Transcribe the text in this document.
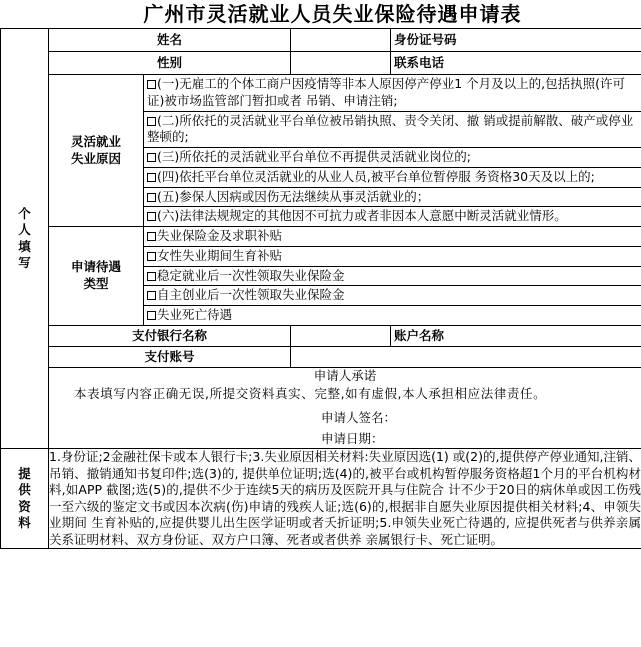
广州市灵活就业人员失业保险待遇申请表
个
人
填
写
	姓名		身份证号码
性别		联系电话

灵活就业
失业原因

(一)无雇工的个体工商户因疫情等非本人原因停产停业1 个月及以上的,包括执照(许可证)被市场监管部门暂扣或者 吊销、申请注销;
(二)所依托的灵活就业平台单位被吊销执照、责令关闭、撤 销或提前解散、破产或停业整顿的;
(三)所依托的灵活就业平台单位不再提供灵活就业岗位的;
(四)依托平台单位灵活就业的从业人员,被平台单位暂停服 务资格30天及以上的;
(五)参保人因病或因伤无法继续从事灵活就业的；
(六)法律法规规定的其他因不可抗力或者非因本人意愿中断灵活就业情形。

申请待遇
类型

失业保险金及求职补贴
女性失业期间生育补贴
稳定就业后一次性领取失业保险金
自主创业后一次性领取失业保险金
失业死亡待遇

支付银行名称		账户名称
支付账号	

申请人承诺
本表填写内容正确无误,所提交资料真实、完整,如有虚假,本人承担相应法律责任。
申请人签名：
申请日期：
提
供
资
料
	1.身份证;2金融社保卡或本人银行卡;3.失业原因相关材料:失业原因选(1) 或(2)的,提供停产停业通知,注销、吊销、撤销通知书复印件;选(3)的, 提供单位证明;选(4)的,被平台或机构暂停服务资格超1个月的平台机构材 料,如APP 截图;选(5)的,提供不少于连续5天的病历及医院开具与住院合 计不少于20日的病休单或因工伤残一至六级的鉴定文书或因本次病(伤)申请的残疾人证;选(6)的,根据非自愿失业原因提供相关材料;4、申领失业期间 生育补贴的,应提供婴儿出生医学证明或者夭折证明;5.申领失业死亡待遇的, 应提供死者与供养亲属关系证明材料、双方身份证、双方户口簿、死者或者供养 亲属银行卡、死亡证明。
